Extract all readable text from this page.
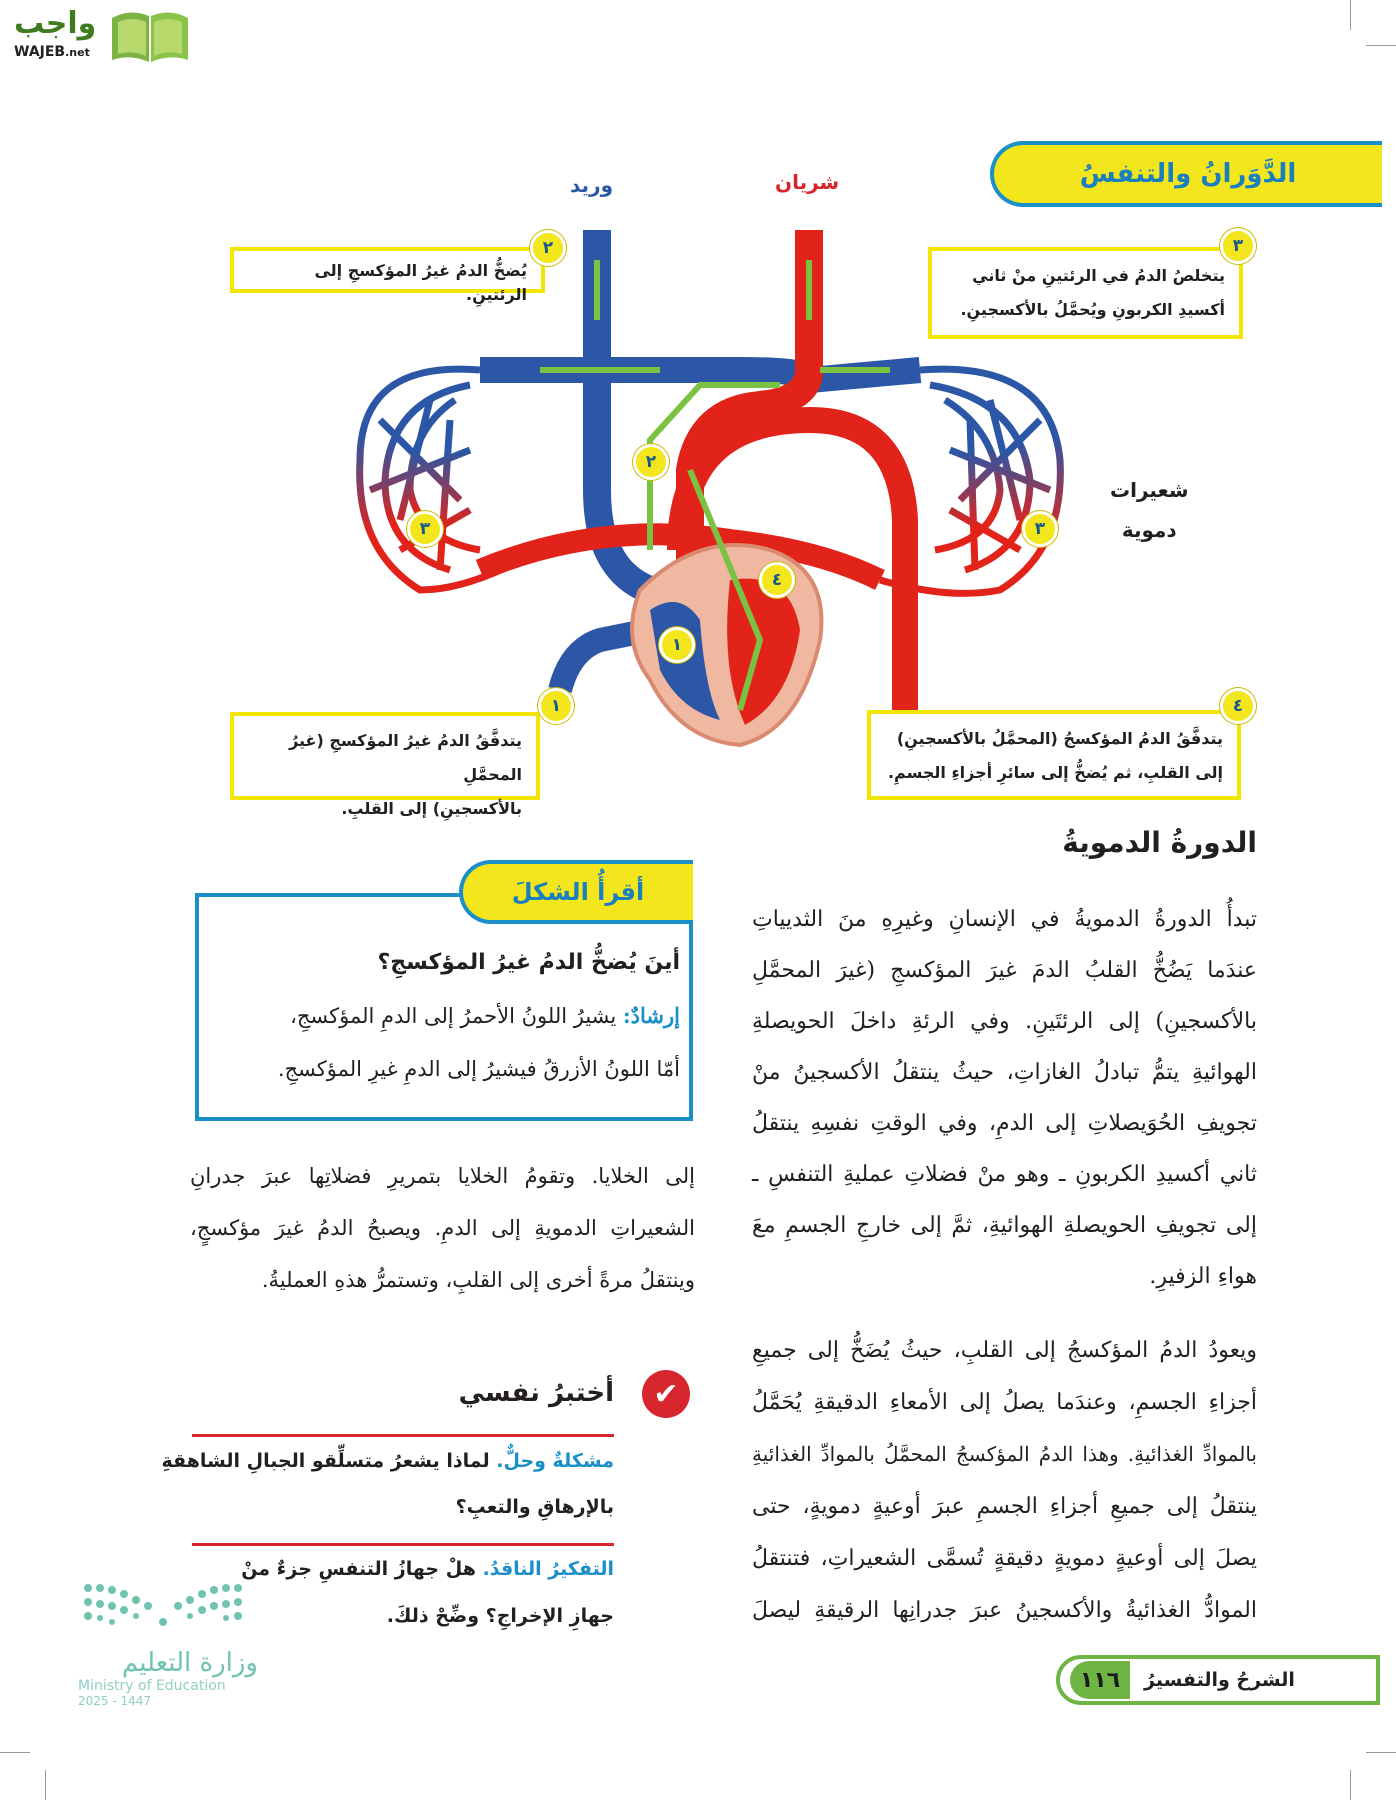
واجب
WAJEB.net
الدَّوَرانُ والتنفسُ
وريد	شريان
شعيرات
دموية
يُضخُّ الدمُ غيرُ المؤكسجِ إلى الرئتينِ.
يتخلصُ الدمُ في الرئتينِ منْ ثاني
أكسيدِ الكربونِ ويُحمَّلُ بالأكسجينِ.
يتدفَّقُ الدمُ غيرُ المؤكسجِ (غيرُ المحمَّلِ
بالأكسجينِ) إلى القلبِ.
يتدفَّقُ الدمُ المؤكسجُ (المحمَّلُ بالأكسجينِ)
إلى القلبِ، ثم يُضخُّ إلى سائرِ أجزاءِ الجسمِ.
٢	٣
٢
٣	٣
٤
١
١	٤
الدورةُ الدمويةُ
تبدأُ الدورةُ الدمويةُ في الإنسانِ وغيرِهِ منَ الثديياتِ
عندَما يَضُخُّ القلبُ الدمَ غيرَ المؤكسجِ (غيرَ المحمَّلِ
بالأكسجينِ) إلى الرئتَينِ. وفي الرئةِ داخلَ الحويصلةِ
الهوائيةِ يتمُّ تبادلُ الغازاتِ، حيثُ ينتقلُ الأكسجينُ منْ
تجويفِ الحُوَيصلاتِ إلى الدمِ، وفي الوقتِ نفسِهِ ينتقلُ
ثاني أكسيدِ الكربونِ ـ وهو منْ فضلاتِ عمليةِ التنفسِ ـ
إلى تجويفِ الحويصلةِ الهوائيةِ، ثمَّ إلى خارجِ الجسمِ معَ
هواءِ الزفيرِ.
ويعودُ الدمُ المؤكسجُ إلى القلبِ، حيثُ يُضَخُّ إلى جميعِ
أجزاءِ الجسمِ، وعندَما يصلُ إلى الأمعاءِ الدقيقةِ يُحَمَّلُ
بالموادِّ الغذائيةِ. وهذا الدمُ المؤكسجُ المحمَّلُ بالموادِّ الغذائيةِ
ينتقلُ إلى جميعِ أجزاءِ الجسمِ عبرَ أوعيةٍ دمويةٍ، حتى
يصلَ إلى أوعيةٍ دمويةٍ دقيقةٍ تُسمَّى الشعيراتِ، فتنتقلُ
الموادُّ الغذائيةُ والأكسجينُ عبرَ جدرانِها الرقيقةِ ليصلَ
أقرأُ الشكلَ
أينَ يُضخُّ الدمُ غيرُ المؤكسجِ؟
إرشادٌ: يشيرُ اللونُ الأحمرُ إلى الدمِ المؤكسجِ،
أمّا اللونُ الأزرقُ فيشيرُ إلى الدمِ غيرِ المؤكسجِ.
إلى الخلايا. وتقومُ الخلايا بتمريرِ فضلاتِها عبرَ جدرانِ
الشعيراتِ الدمويةِ إلى الدمِ. ويصبحُ الدمُ غيرَ مؤكسجٍ،
وينتقلُ مرةً أخرى إلى القلبِ، وتستمرُّ هذهِ العمليةُ.
✔
أختبرُ نفسي
مشكلةٌ وحلٌّ. لماذا يشعرُ متسلِّقو الجبالِ الشاهقةِ
بالإرهاقِ والتعبِ؟
التفكيرُ الناقدُ. هلْ جهازُ التنفسِ جزءٌ منْ
جهازِ الإخراجِ؟ وضِّحْ ذلكَ.
وزارة التعليم
Ministry of Education
2025 - 1447
١١٦	الشرحُ والتفسيرُ
